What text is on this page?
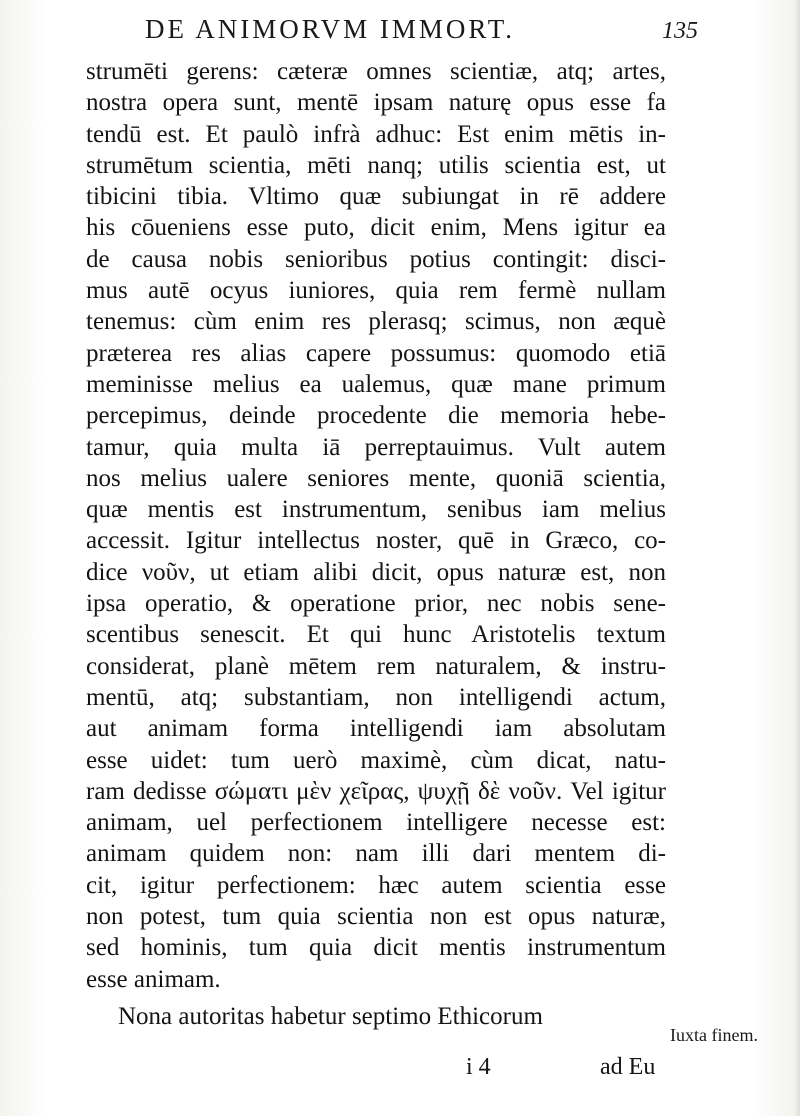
DE ANIMORVM IMMORT.	135
strumēti gerens: cæteræ omnes scientiæ, atq; artes,
nostra opera sunt, mentē ipsam naturę opus esse fa
tendū est. Et paulò infrà adhuc: Est enim mētis in-
strumētum scientia, mēti nanq; utilis scientia est, ut
tibicini tibia. Vltimo quæ subiungat in rē addere
his cōueniens esse puto, dicit enim, Mens igitur ea
de causa nobis senioribus potius contingit: disci-
mus autē ocyus iuniores, quia rem fermè nullam
tenemus: cùm enim res plerasq; scimus, non æquè
præterea res alias capere possumus: quomodo etiā
meminisse melius ea ualemus, quæ mane primum
percepimus, deinde procedente die memoria hebe-
tamur, quia multa iā perreptauimus. Vult autem
nos melius ualere seniores mente, quoniā scientia,
quæ mentis est instrumentum, senibus iam melius
accessit. Igitur intellectus noster, quē in Græco, co-
dice νοῦν, ut etiam alibi dicit, opus naturæ est, non
ipsa operatio, & operatione prior, nec nobis sene-
scentibus senescit. Et qui hunc Aristotelis textum
considerat, planè mētem rem naturalem, & instru-
mentū, atq; substantiam, non intelligendi actum,
aut animam forma intelligendi iam absolutam
esse uidet: tum uerò maximè, cùm dicat, natu-
ram dedisse σώματι μὲν χεῖρας, ψυχῇ δὲ νοῦν. Vel igitur
animam, uel perfectionem intelligere necesse est:
animam quidem non: nam illi dari mentem di-
cit, igitur perfectionem: hæc autem scientia esse
non potest, tum quia scientia non est opus naturæ,
sed hominis, tum quia dicit mentis instrumentum
esse animam.
Nona autoritas habetur septimo Ethicorum
Iuxta finem.
i 4	ad Eu
